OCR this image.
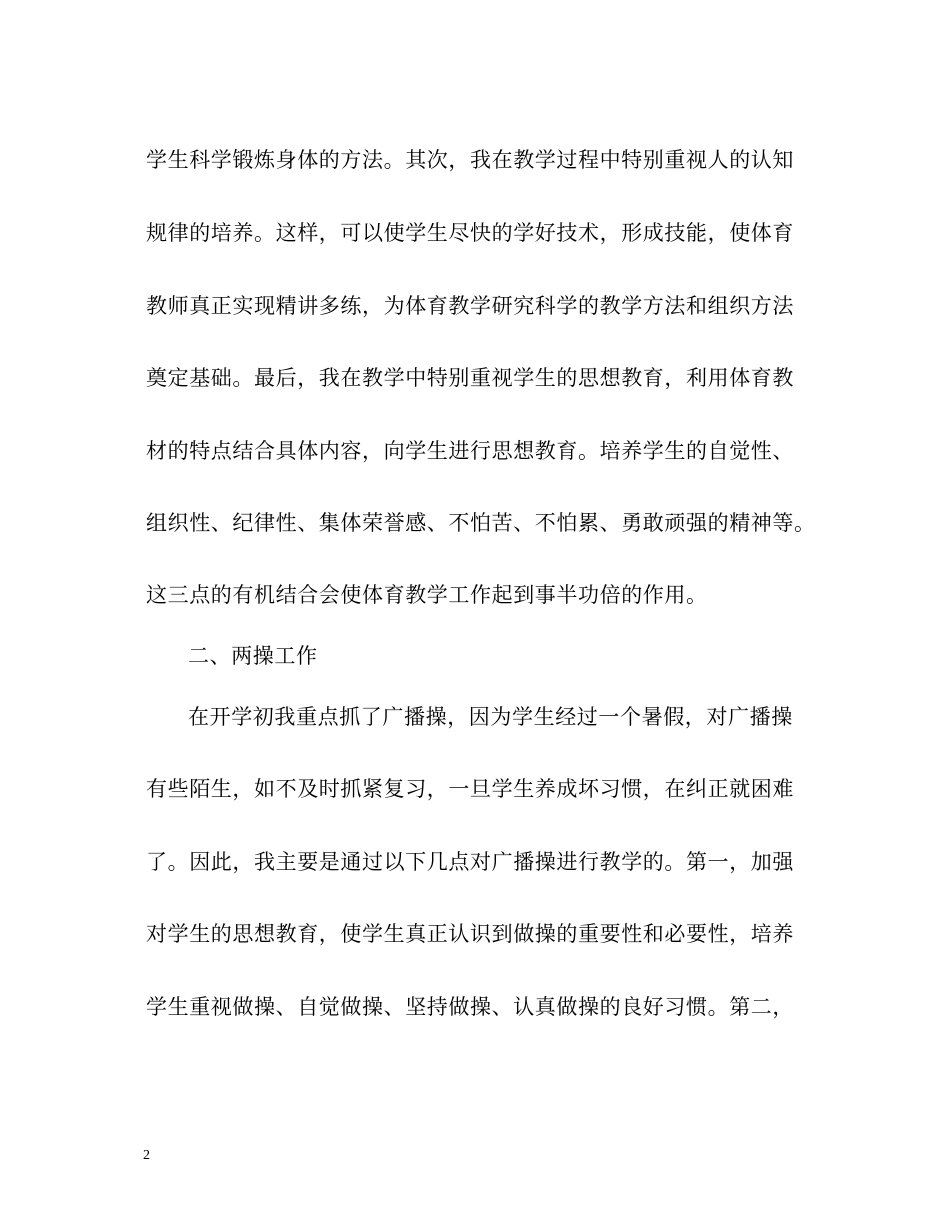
学生科学锻炼身体的方法。其次，我在教学过程中特别重视人的认知
规律的培养。这样，可以使学生尽快的学好技术，形成技能，使体育
教师真正实现精讲多练，为体育教学研究科学的教学方法和组织方法
奠定基础。最后，我在教学中特别重视学生的思想教育，利用体育教
材的特点结合具体内容，向学生进行思想教育。培养学生的自觉性、
组织性、纪律性、集体荣誉感、不怕苦、不怕累、勇敢顽强的精神等。
这三点的有机结合会使体育教学工作起到事半功倍的作用。
二、两操工作
在开学初我重点抓了广播操，因为学生经过一个暑假，对广播操
有些陌生，如不及时抓紧复习，一旦学生养成坏习惯，在纠正就困难
了。因此，我主要是通过以下几点对广播操进行教学的。第一，加强
对学生的思想教育，使学生真正认识到做操的重要性和必要性，培养
学生重视做操、自觉做操、坚持做操、认真做操的良好习惯。第二，
2
